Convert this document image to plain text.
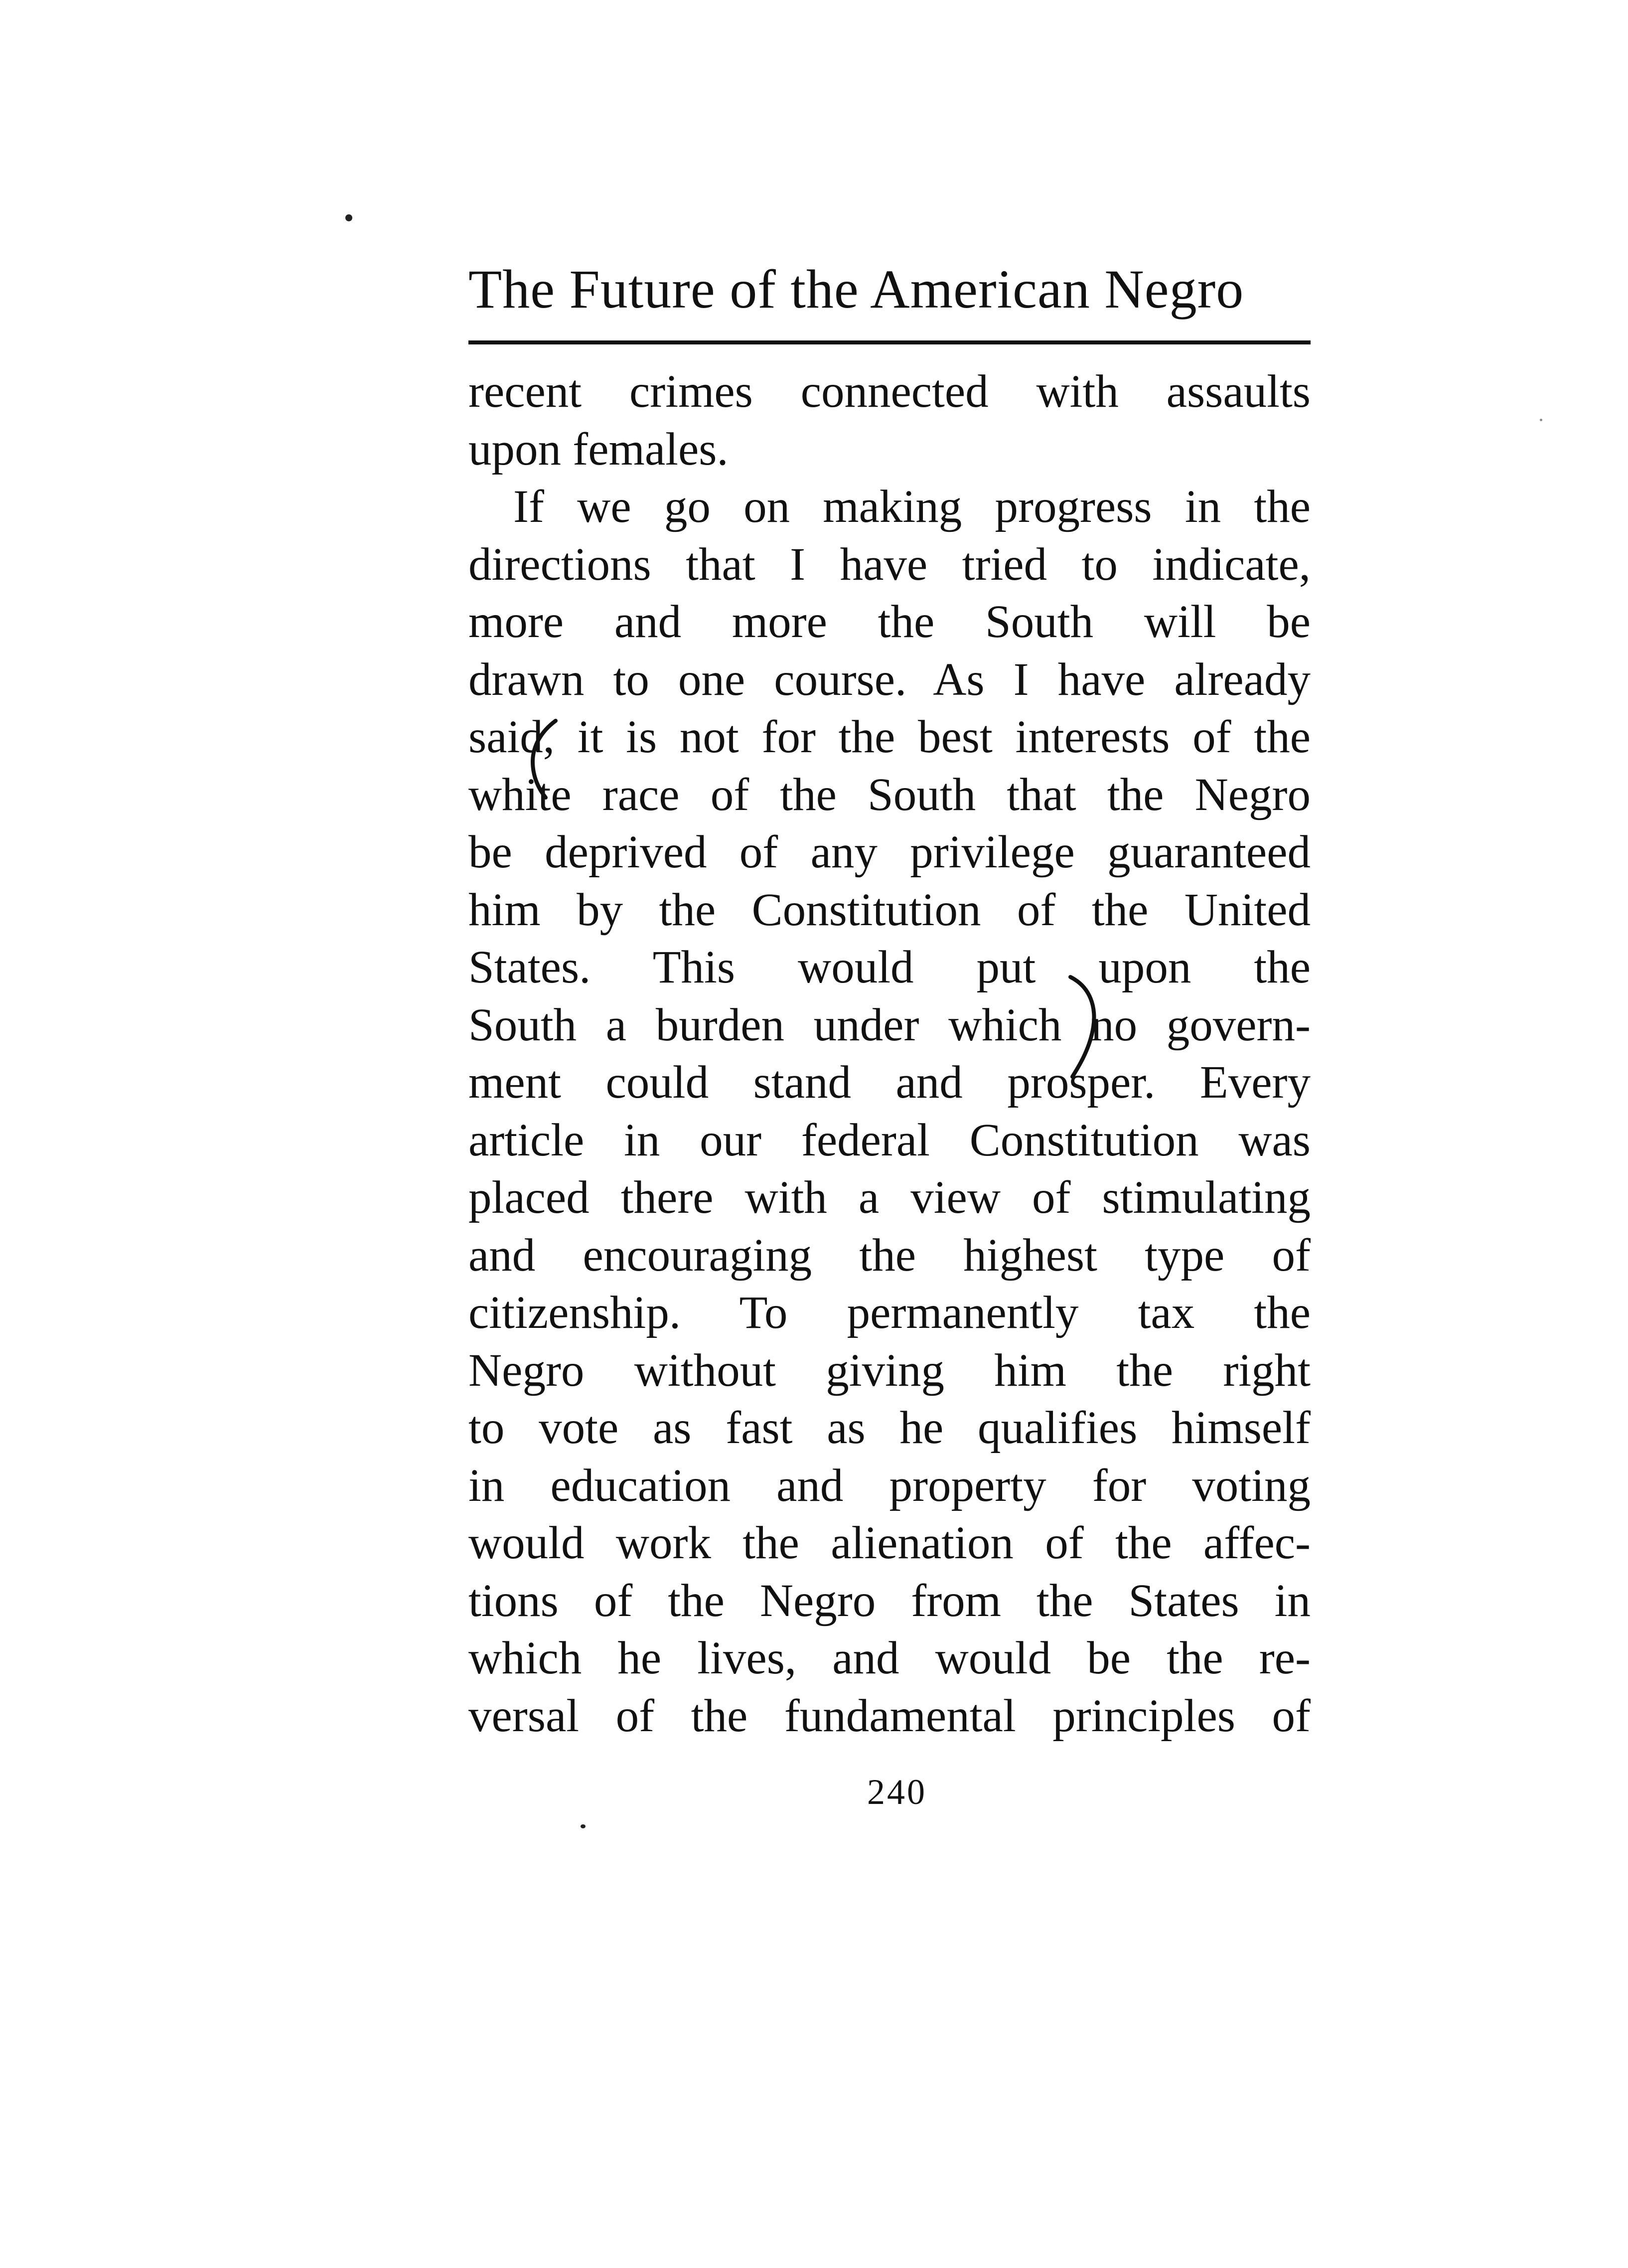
The Future of the American Negro
recent crimes connected with assaults
upon females.
If we go on making progress in the
directions that I have tried to indicate,
more and more the South will be
drawn to one course. As I have already
said, it is not for the best interests of the
white race of the South that the Negro
be deprived of any privilege guaranteed
him by the Constitution of the United
States. This would put upon the
South a burden under which no govern-
ment could stand and prosper. Every
article in our federal Constitution was
placed there with a view of stimulating
and encouraging the highest type of
citizenship. To permanently tax the
Negro without giving him the right
to vote as fast as he qualifies himself
in education and property for voting
would work the alienation of the affec-
tions of the Negro from the States in
which he lives, and would be the re-
versal of the fundamental principles of
240
